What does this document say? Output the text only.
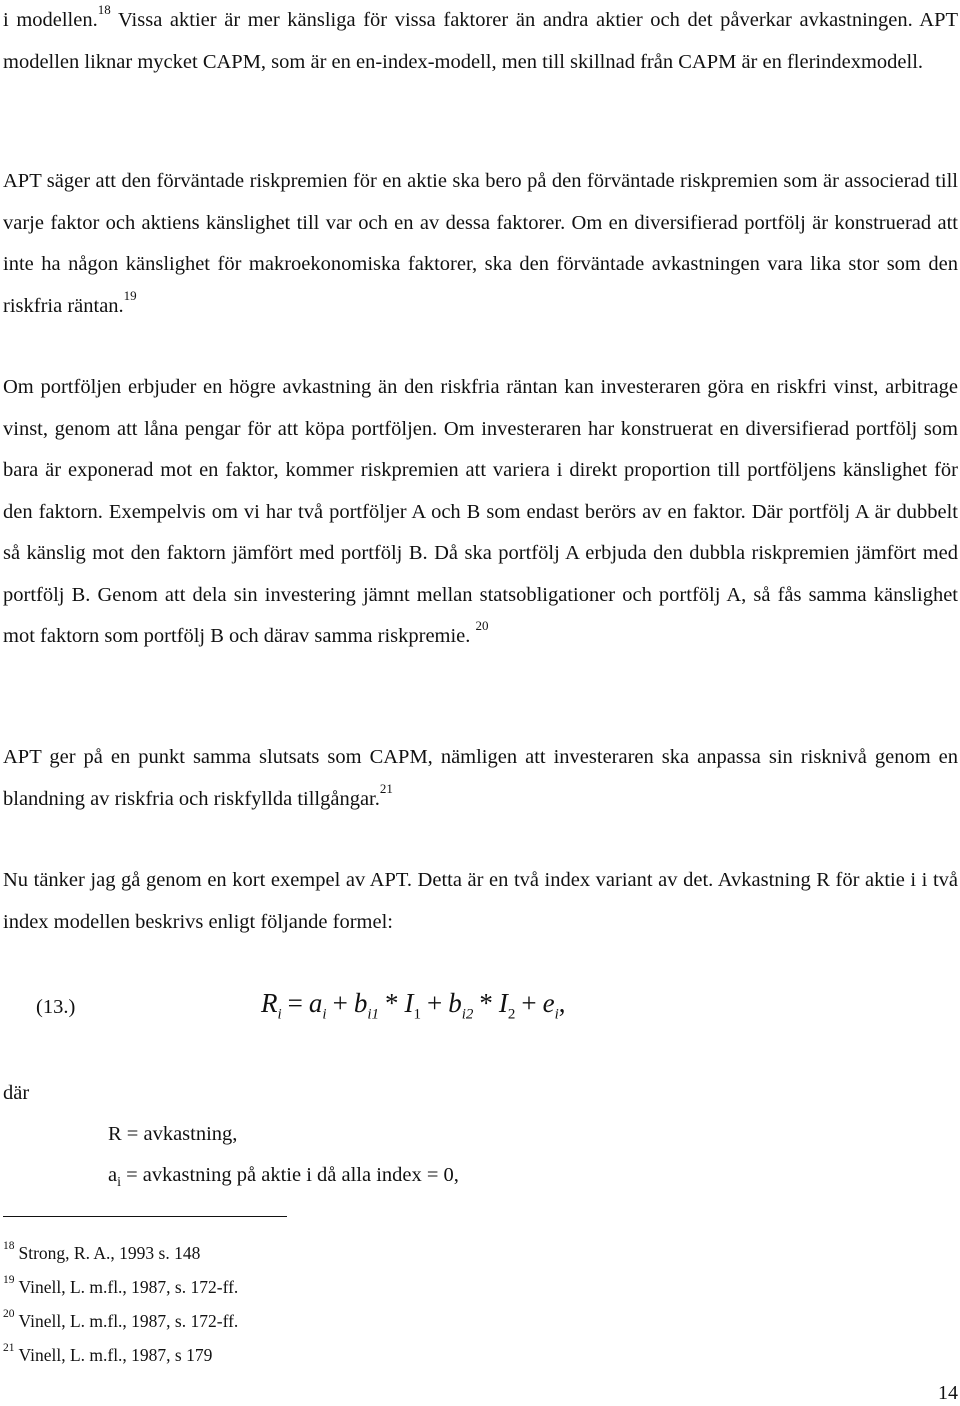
i modellen.$^{18}$ Vissa aktier är mer känsliga för vissa faktorer än andra aktier och det påverkar avkastningen. APT modellen liknar mycket CAPM, som är en en-index-modell, men till skillnad från CAPM är en flerindexmodell.

APT säger att den förväntade riskpremien för en aktie ska bero på den förväntade riskpremien som är associerad till varje faktor och aktiens känslighet till var och en av dessa faktorer. Om en diversifierad portfölj är konstruerad att inte ha någon känslighet för makroekonomiska faktorer, ska den förväntade avkastningen vara lika stor som den riskfria räntan.$^{19}$

Om portföljen erbjuder en högre avkastning än den riskfria räntan kan investeraren göra en riskfri vinst, arbitrage vinst, genom att låna pengar för att köpa portföljen. Om investeraren har konstruerat en diversifierad portfölj som bara är exponerad mot en faktor, kommer riskpremien att variera i direkt proportion till portföljens känslighet för den faktorn. Exempelvis om vi har två portföljer A och B som endast berörs av en faktor. Där portfölj A är dubbelt så känslig mot den faktorn jämfört med portfölj B. Då ska portfölj A erbjuda den dubbla riskpremien jämfört med portfölj B. Genom att dela sin investering jämnt mellan statsobligationer och portfölj A, så fås samma känslighet mot faktorn som portfölj B och därav samma riskpremie. $^{20}$

APT ger på en punkt samma slutsats som CAPM, nämligen att investeraren ska anpassa sin risknivå genom en blandning av riskfria och riskfyllda tillgångar.$^{21}$

Nu tänker jag gå genom en kort exempel av APT. Detta är en två index variant av det. Avkastning R för aktie i i två index modellen beskrivs enligt följande formel:

(13.)	$R_i = a_i + b_{i1} * I_1 + b_{i2} * I_2 + e_i$,
där
R = avkastning,
$a_i$ = avkastning på aktie i då alla index = 0,
$^{18}$ Strong, R. A., 1993 s. 148
$^{19}$ Vinell, L. m.fl., 1987, s. 172-ff.
$^{20}$ Vinell, L. m.fl., 1987, s. 172-ff.
$^{21}$ Vinell, L. m.fl., 1987, s 179
14
